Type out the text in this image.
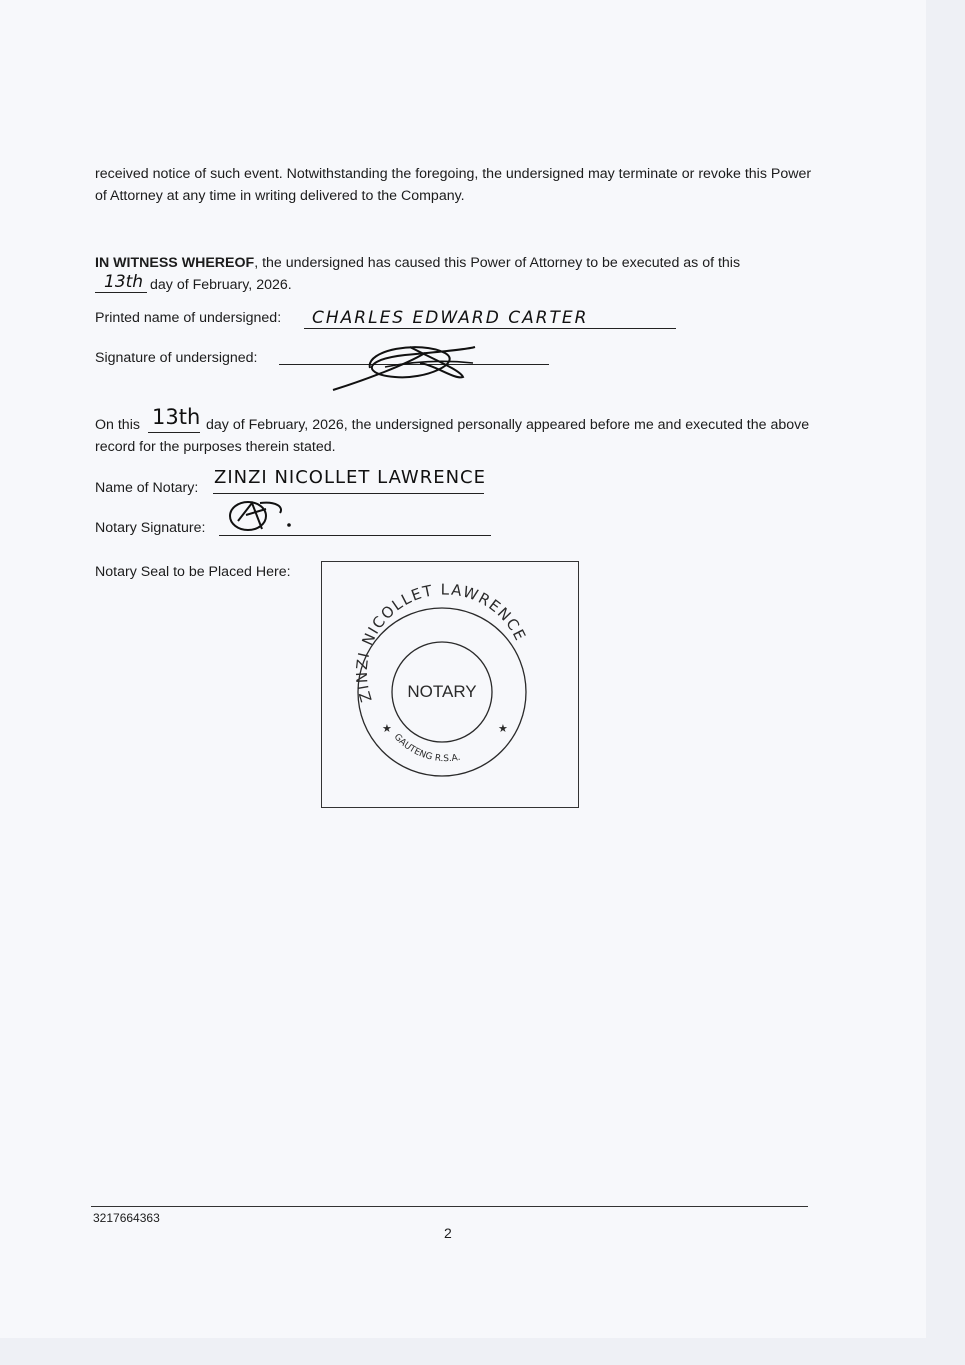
received notice of such event. Notwithstanding the foregoing, the undersigned may terminate or revoke this Power of Attorney at any time in writing delivered to the Company.
IN WITNESS WHEREOF, the undersigned has caused this Power of Attorney to be executed as of this
13th day of February, 2026.
Printed name of undersigned: CHARLES EDWARD CARTER
Signature of undersigned:
On this 13th day of February, 2026, the undersigned personally appeared before me and executed the above record for the purposes therein stated.
Name of Notary: ZINZI NICOLLET LAWRENCE
Notary Signature:
Notary Seal to be Placed Here:
ZINZI NICOLLET LAWRENCE
GAUTENG R.S.A.
NOTARY
★	★
3217664363
2
